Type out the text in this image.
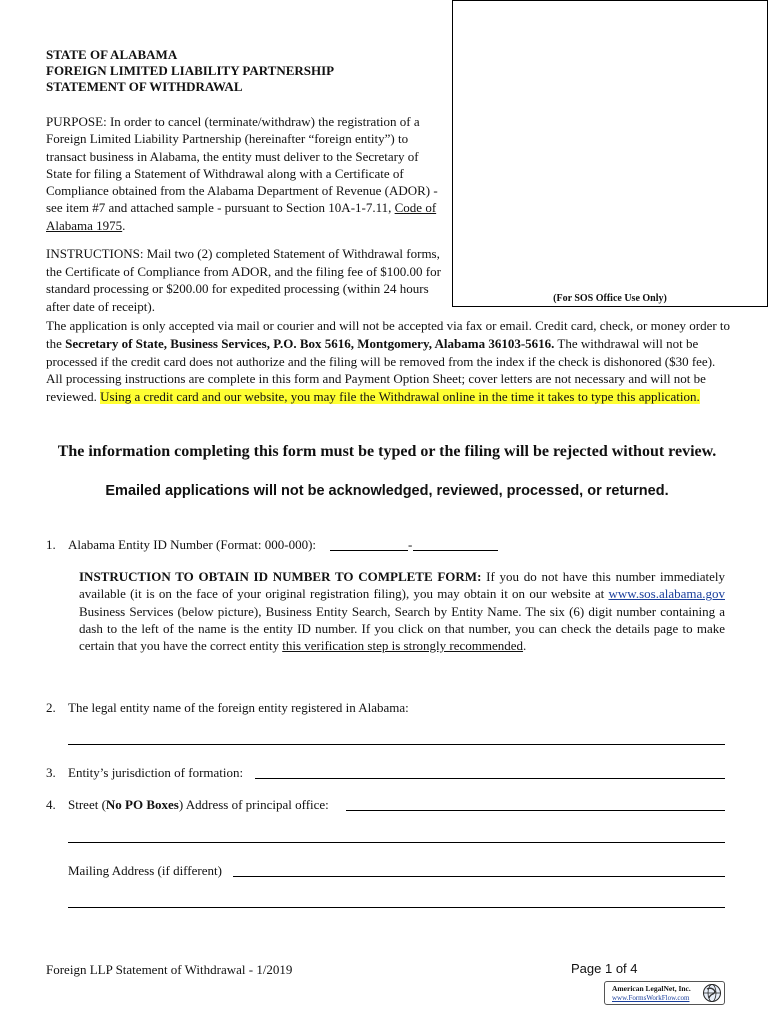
STATE OF ALABAMA
FOREIGN LIMITED LIABILITY PARTNERSHIP
STATEMENT OF WITHDRAWAL
(For SOS Office Use Only)
PURPOSE: In order to cancel (terminate/withdraw) the registration of a Foreign Limited Liability Partnership (hereinafter “foreign entity”) to transact business in Alabama, the entity must deliver to the Secretary of State for filing a Statement of Withdrawal along with a Certificate of Compliance obtained from the Alabama Department of Revenue (ADOR) - see item #7 and attached sample - pursuant to Section 10A-1-7.11, Code of Alabama 1975.
INSTRUCTIONS: Mail two (2) completed Statement of Withdrawal forms, the Certificate of Compliance from ADOR, and the filing fee of $100.00 for standard processing or $200.00 for expedited processing (within 24 hours after date of receipt).
The application is only accepted via mail or courier and will not be accepted via fax or email. Credit card, check, or money order to the Secretary of State, Business Services, P.O. Box 5616, Montgomery, Alabama 36103-5616. The withdrawal will not be processed if the credit card does not authorize and the filing will be removed from the index if the check is dishonored ($30 fee). All processing instructions are complete in this form and Payment Option Sheet; cover letters are not necessary and will not be reviewed. Using a credit card and our website, you may file the Withdrawal online in the time it takes to type this application.
The information completing this form must be typed or the filing will be rejected without review.
Emailed applications will not be acknowledged, reviewed, processed, or returned.
1. Alabama Entity ID Number (Format: 000-000):	-
INSTRUCTION TO OBTAIN ID NUMBER TO COMPLETE FORM: If you do not have this number immediately available (it is on the face of your original registration filing), you may obtain it on our website at www.sos.alabama.gov Business Services (below picture), Business Entity Search, Search by Entity Name. The six (6) digit number containing a dash to the left of the name is the entity ID number. If you click on that number, you can check the details page to make certain that you have the correct entity this verification step is strongly recommended.
2. The legal entity name of the foreign entity registered in Alabama:
3. Entity’s jurisdiction of formation:
4. Street (No PO Boxes) Address of principal office:
Mailing Address (if different)
Foreign LLP Statement of Withdrawal - 1/2019	Page 1 of 4
American LegalNet, Inc.
www.FormsWorkFlow.com
